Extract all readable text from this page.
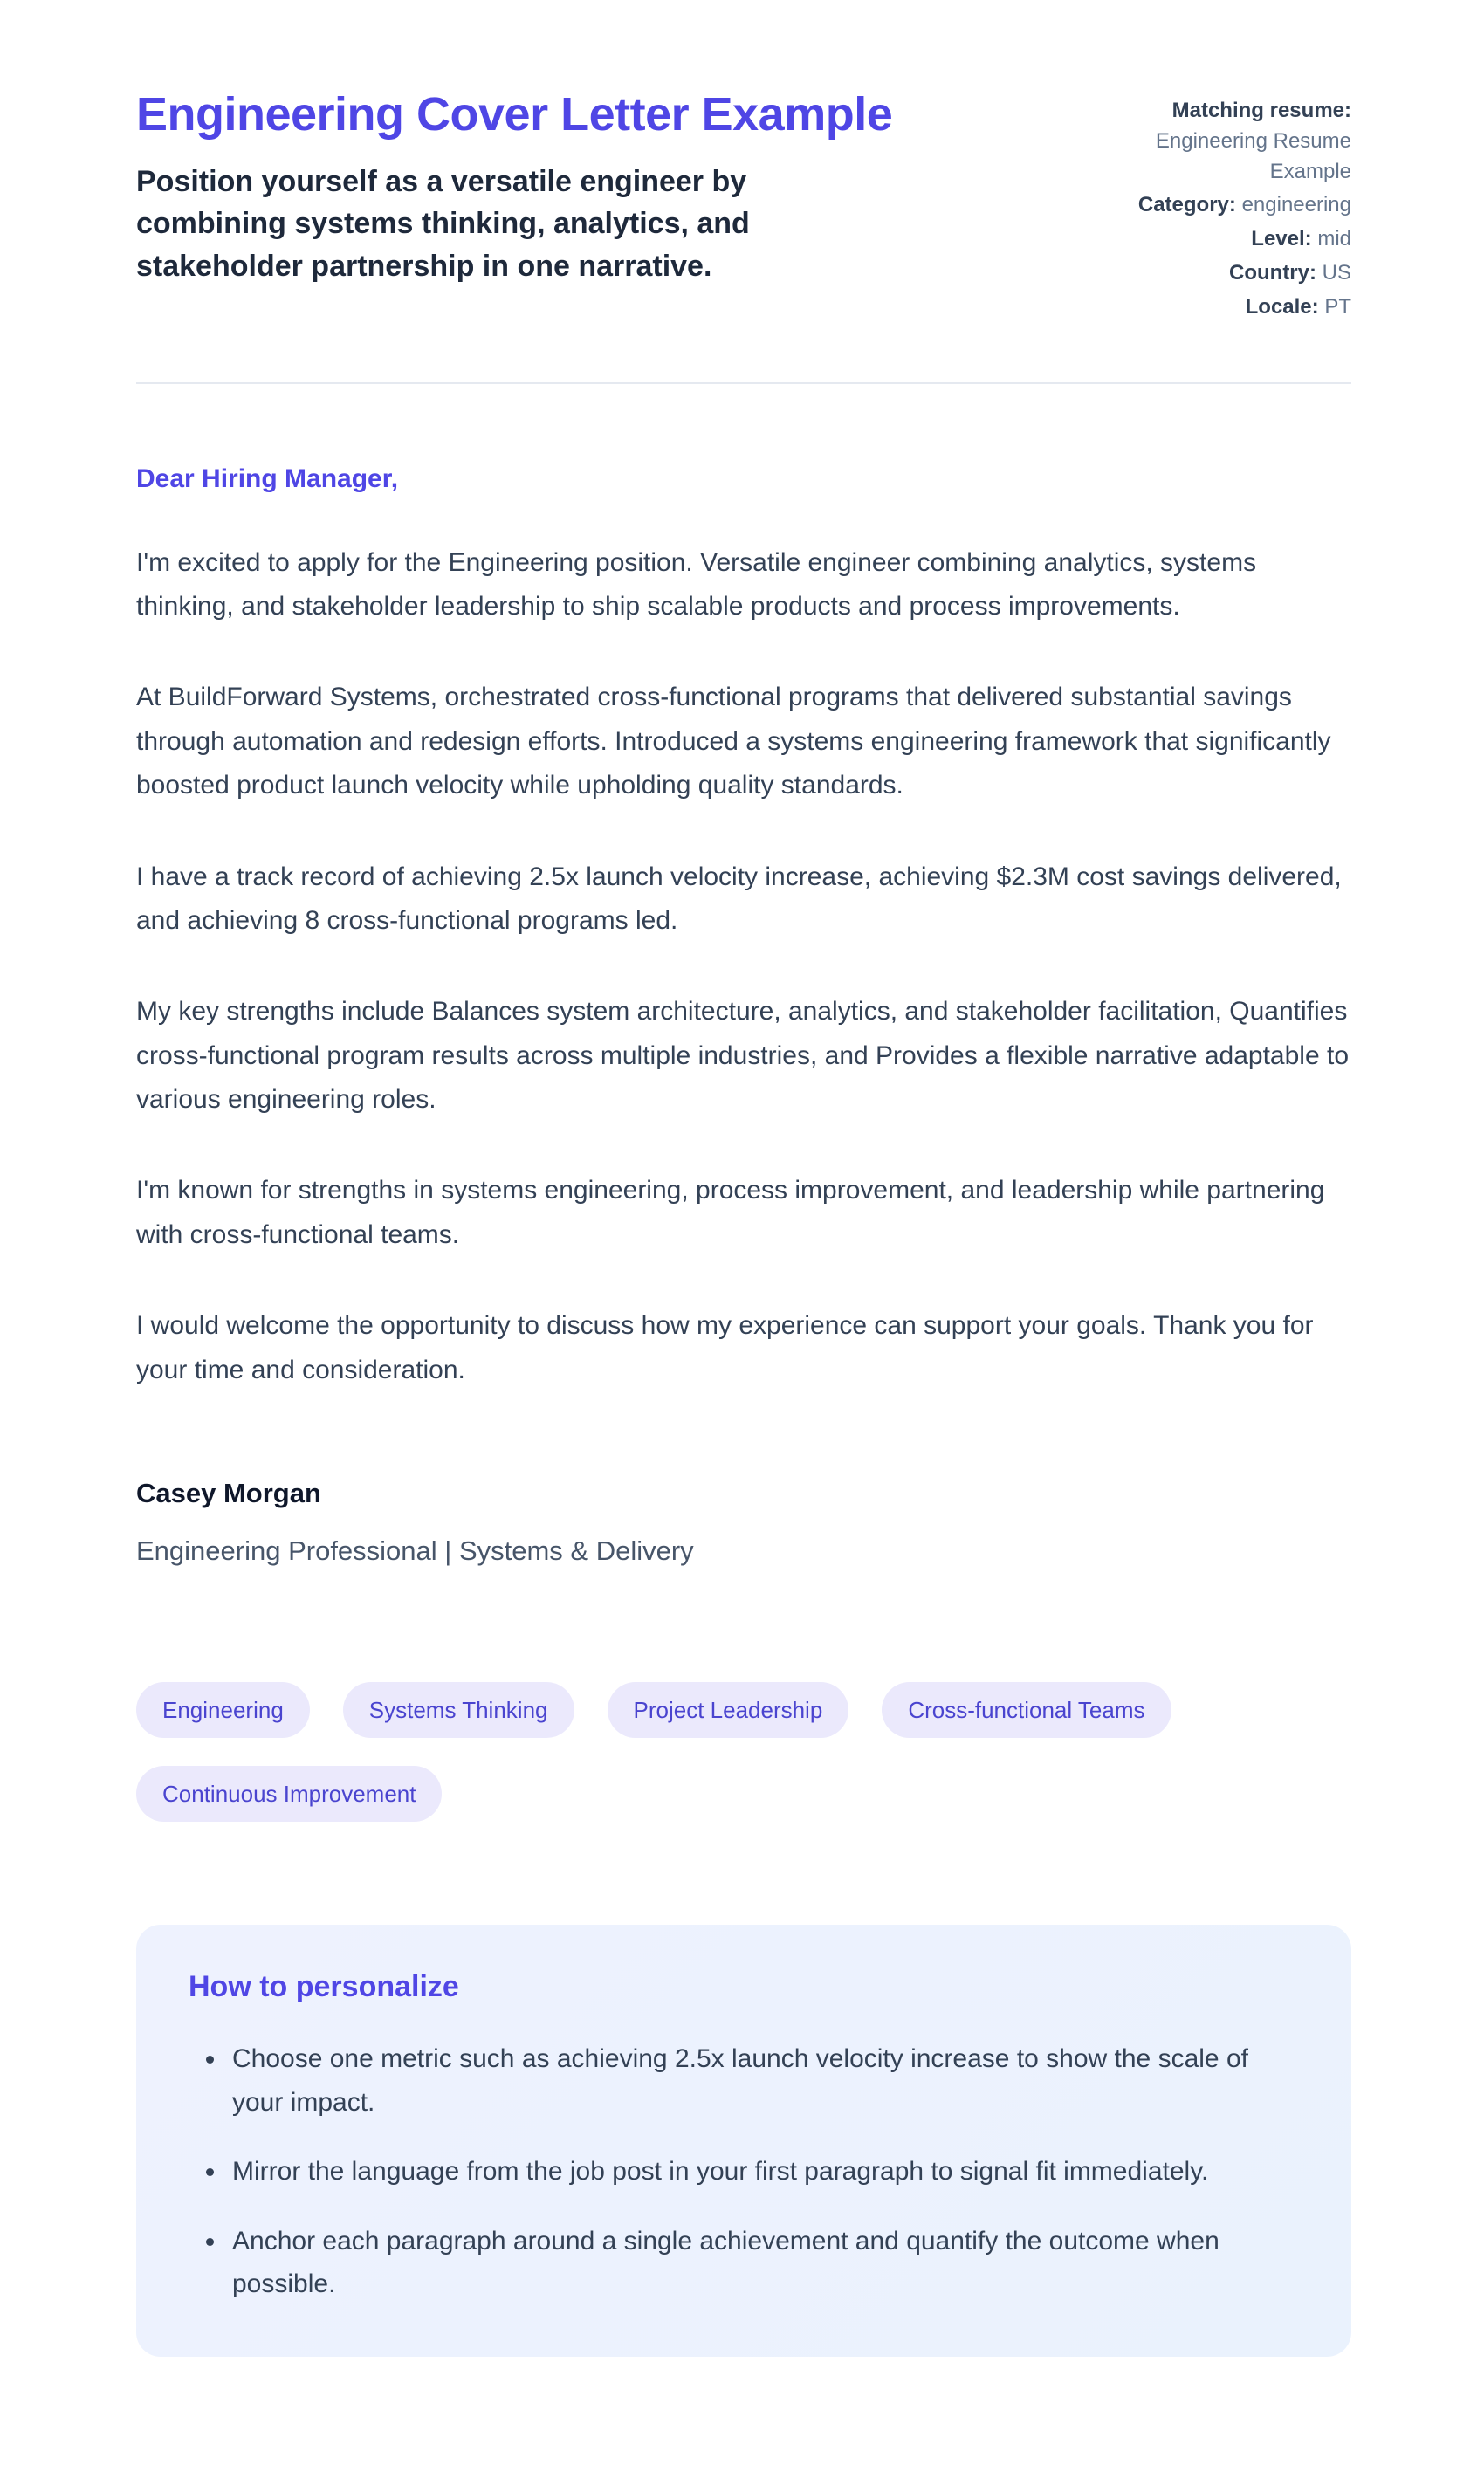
Engineering Cover Letter Example

Position yourself as a versatile engineer by combining systems thinking, analytics, and stakeholder partnership in one narrative.

Matching resume: Engineering Resume Example
Category: engineering
Level: mid
Country: US
Locale: PT

Dear Hiring Manager,

I'm excited to apply for the Engineering position. Versatile engineer combining analytics, systems thinking, and stakeholder leadership to ship scalable products and process improvements.

At BuildForward Systems, orchestrated cross-functional programs that delivered substantial savings through automation and redesign efforts. Introduced a systems engineering framework that significantly boosted product launch velocity while upholding quality standards.

I have a track record of achieving 2.5x launch velocity increase, achieving $2.3M cost savings delivered, and achieving 8 cross-functional programs led.

My key strengths include Balances system architecture, analytics, and stakeholder facilitation, Quantifies cross-functional program results across multiple industries, and Provides a flexible narrative adaptable to various engineering roles.

I'm known for strengths in systems engineering, process improvement, and leadership while partnering with cross-functional teams.

I would welcome the opportunity to discuss how my experience can support your goals. Thank you for your time and consideration.

Casey Morgan

Engineering Professional | Systems & Delivery

Engineering	Systems Thinking	Project Leadership	Cross-functional Teams
Continuous Improvement
How to personalize
• Choose one metric such as achieving 2.5x launch velocity increase to show the scale of your impact.
• Mirror the language from the job post in your first paragraph to signal fit immediately.
• Anchor each paragraph around a single achievement and quantify the outcome when possible.
